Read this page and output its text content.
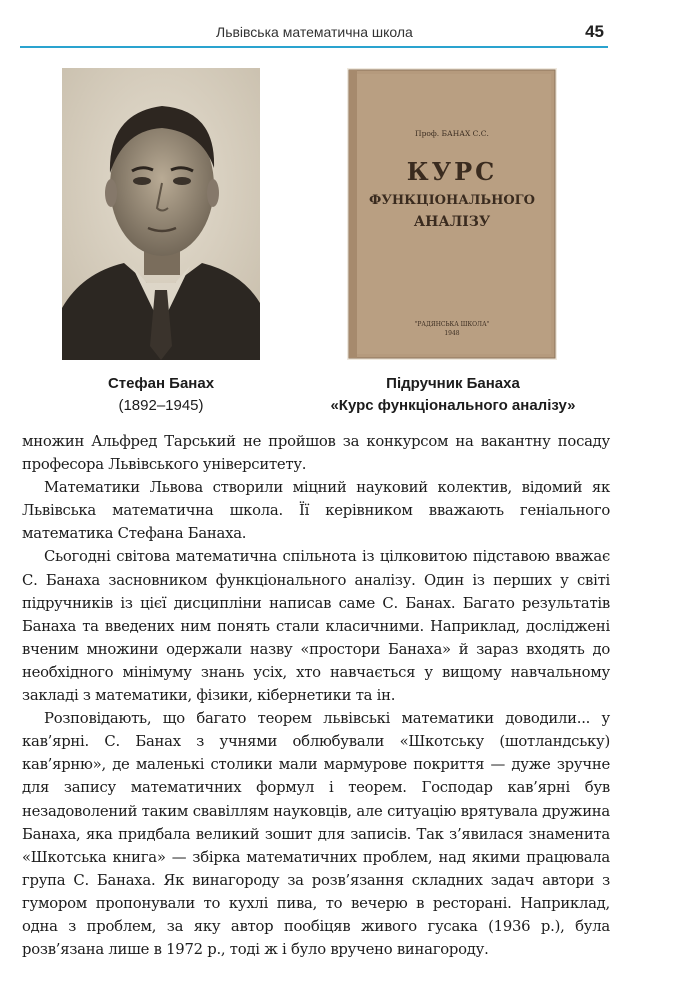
Львівська математична школа	45
Проф. БАНАХ С.С.
КУРС
ФУНКЦІОНАЛЬНОГО
АНАЛІЗУ
"РАДЯНСЬКА ШКОЛА"
1948
Стефан Банах
(1892–1945)
Підручник Банаха
«Курс функціонального аналізу»

множин Альфред Тарський не пройшов за конкурсом на вакантну посаду професора Львівського університету.

Математики Львова створили міцний науковий колектив, відомий як Львівська математична школа. Її керівником вважають геніального математика Стефана Банаха.

Сьогодні світова математична спільнота із цілковитою підставою вважає С. Банаха засновником функціонального аналізу. Один із перших у світі підручників із цієї дисципліни написав саме С. Банах. Багато результатів Банаха та введених ним понять стали класичними. Наприклад, досліджені вченим множини одержали назву «простори Банаха» й зараз входять до необхідного мінімуму знань усіх, хто навчається у вищому навчальному закладі з математики, фізики, кібернетики та ін.

Розповідають, що багато теорем львівські математики доводили... у кав’ярні. С. Банах з учнями облюбували «Шкотську (шотландську) кав’ярню», де маленькі столики мали мармурове покриття — дуже зручне для запису математичних формул і теорем. Господар кав’ярні був незадоволений таким свавіллям науковців, але ситуацію врятувала дружина Банаха, яка придбала великий зошит для записів. Так з’явилася знаменита «Шкотська книга» — збірка математичних проблем, над якими працювала група С. Банаха. Як винагороду за розв’язання складних задач автори з гумором пропонували то кухлі пива, то вечерю в ресторані. Наприклад, одна з проблем, за яку автор пообіцяв живого гусака (1936 р.), була розв’язана лише в 1972 р., тоді ж і було вручено винагороду.
